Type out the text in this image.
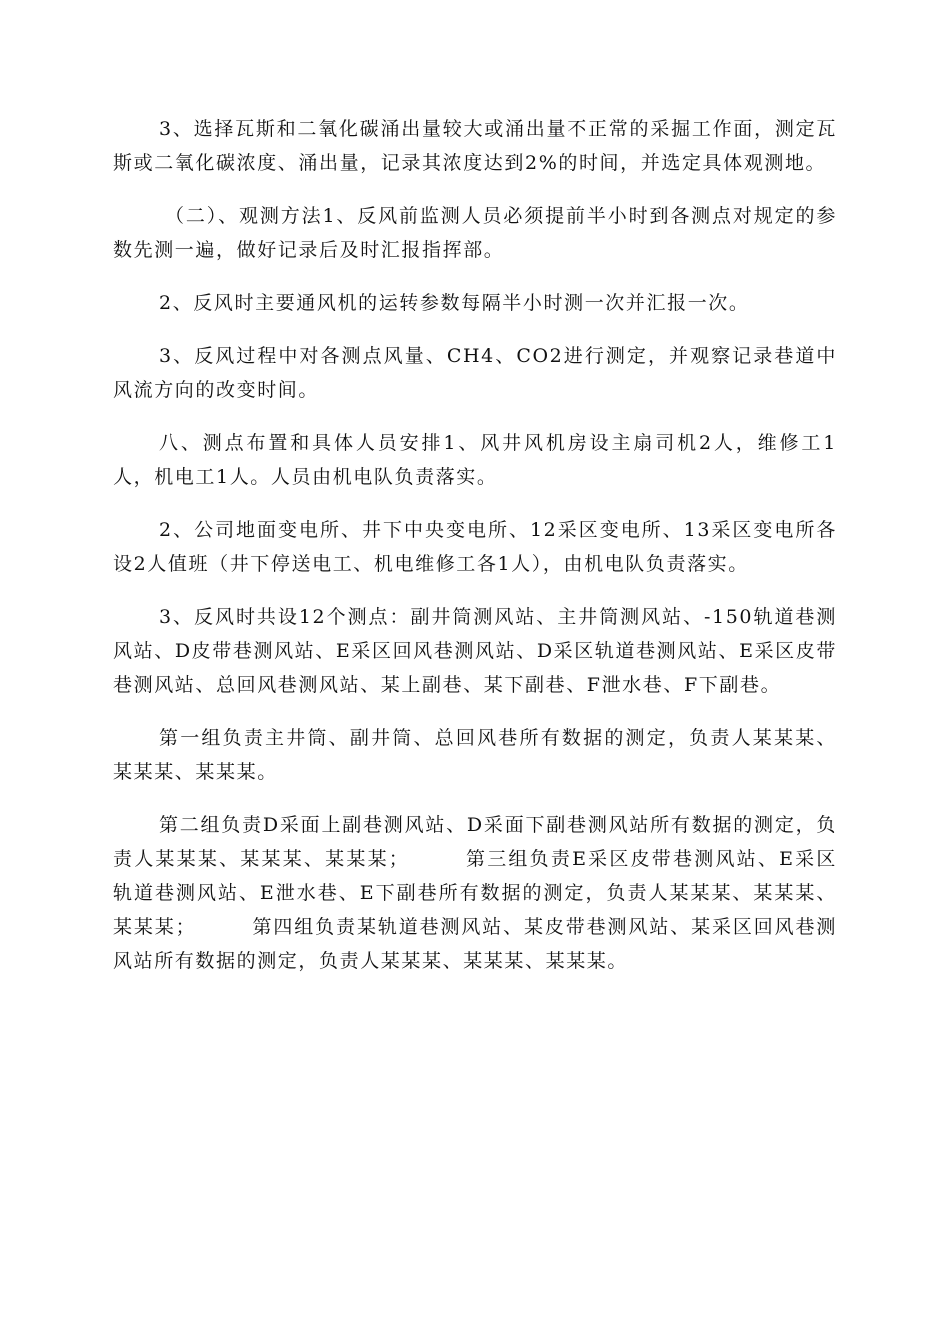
3、选择瓦斯和二氧化碳涌出量较大或涌出量不正常的采掘工作面，测定瓦斯或二氧化碳浓度、涌出量，记录其浓度达到2%的时间，并选定具体观测地。

（二）、观测方法1、反风前监测人员必须提前半小时到各测点对规定的参数先测一遍，做好记录后及时汇报指挥部。

2、反风时主要通风机的运转参数每隔半小时测一次并汇报一次。

3、反风过程中对各测点风量、CH4、CO2进行测定，并观察记录巷道中风流方向的改变时间。

八、测点布置和具体人员安排1、风井风机房设主扇司机2人，维修工1人，机电工1人。人员由机电队负责落实。

2、公司地面变电所、井下中央变电所、12采区变电所、13采区变电所各设2人值班（井下停送电工、机电维修工各1人），由机电队负责落实。

3、反风时共设12个测点：副井筒测风站、主井筒测风站、-150轨道巷测风站、D皮带巷测风站、E采区回风巷测风站、D采区轨道巷测风站、E采区皮带巷测风站、总回风巷测风站、某上副巷、某下副巷、F泄水巷、F下副巷。

第一组负责主井筒、副井筒、总回风巷所有数据的测定，负责人某某某、某某某、某某某。

第二组负责D采面上副巷测风站、D采面下副巷测风站所有数据的测定，负责人某某某、某某某、某某某；	第三组负责E采区皮带巷测风站、E采区轨道巷测风站、E泄水巷、E下副巷所有数据的测定，负责人某某某、某某某、某某某；	第四组负责某轨道巷测风站、某皮带巷测风站、某采区回风巷测风站所有数据的测定，负责人某某某、某某某、某某某。
